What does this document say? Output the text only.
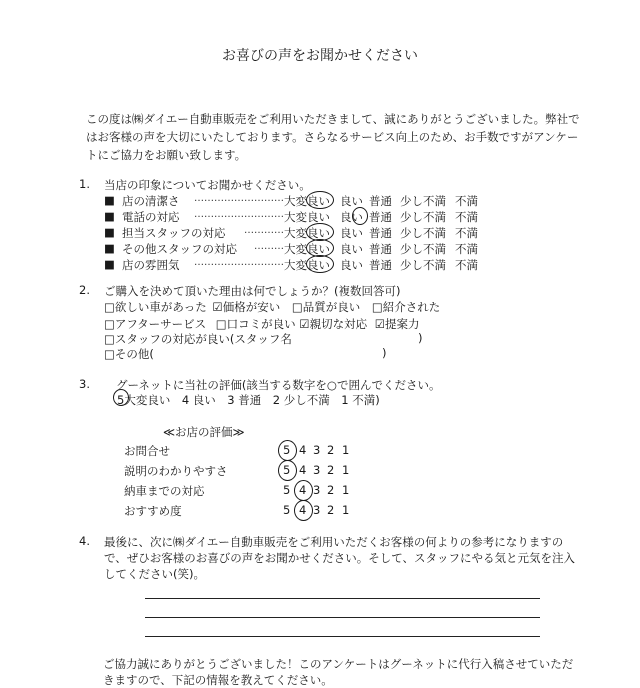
お喜びの声をお聞かせください
この度は㈱ダイエー自動車販売をご利用いただきまして、誠にありがとうございました。弊社で
はお客様の声を大切にいたしております。さらなるサービス向上のため、お手数ですがアンケー
トにご協力をお願い致します。
1. 当店の印象についてお聞かせください。
■ 店の清潔さ ……………………… 大変良い 良い 普通 少し不満 不満
■ 電話の対応 ……………………… 大変良い 良い 普通 少し不満 不満
■ 担当スタッフの対応 ………… 大変良い 良い 普通 少し不満 不満
■ その他スタッフの対応 ……… 大変良い 良い 普通 少し不満 不満
■ 店の雰囲気 ……………………… 大変良い 良い 普通 少し不満 不満
2. ご購入を決めて頂いた理由は何でしょうか？(複数回答可)
□欲しい車があった ☑価格が安い □品質が良い □紹介された
□アフターサービス □口コミが良い ☑親切な対応 ☑提案力
□スタッフの対応が良い(スタッフ名	)
□その他(	)
3. グーネットに当社の評価(該当する数字を○で囲んでください。
5大変良い　4 良い　3 普通　2 少し不満　1 不満)
≪お店の評価≫
お問合せ	5 4 3 2 1
説明のわかりやすさ	5 4 3 2 1
納車までの対応	5 4 3 2 1
おすすめ度	5 4 3 2 1
4. 最後に、次に㈱ダイエー自動車販売をご利用いただくお客様の何よりの参考になりますの
で、ぜひお客様のお喜びの声をお聞かせください。そして、スタッフにやる気と元気を注入
してください(笑)。
ご協力誠にありがとうございました！このアンケートはグーネットに代行入稿させていただ
きますので、下記の情報を教えてください。
